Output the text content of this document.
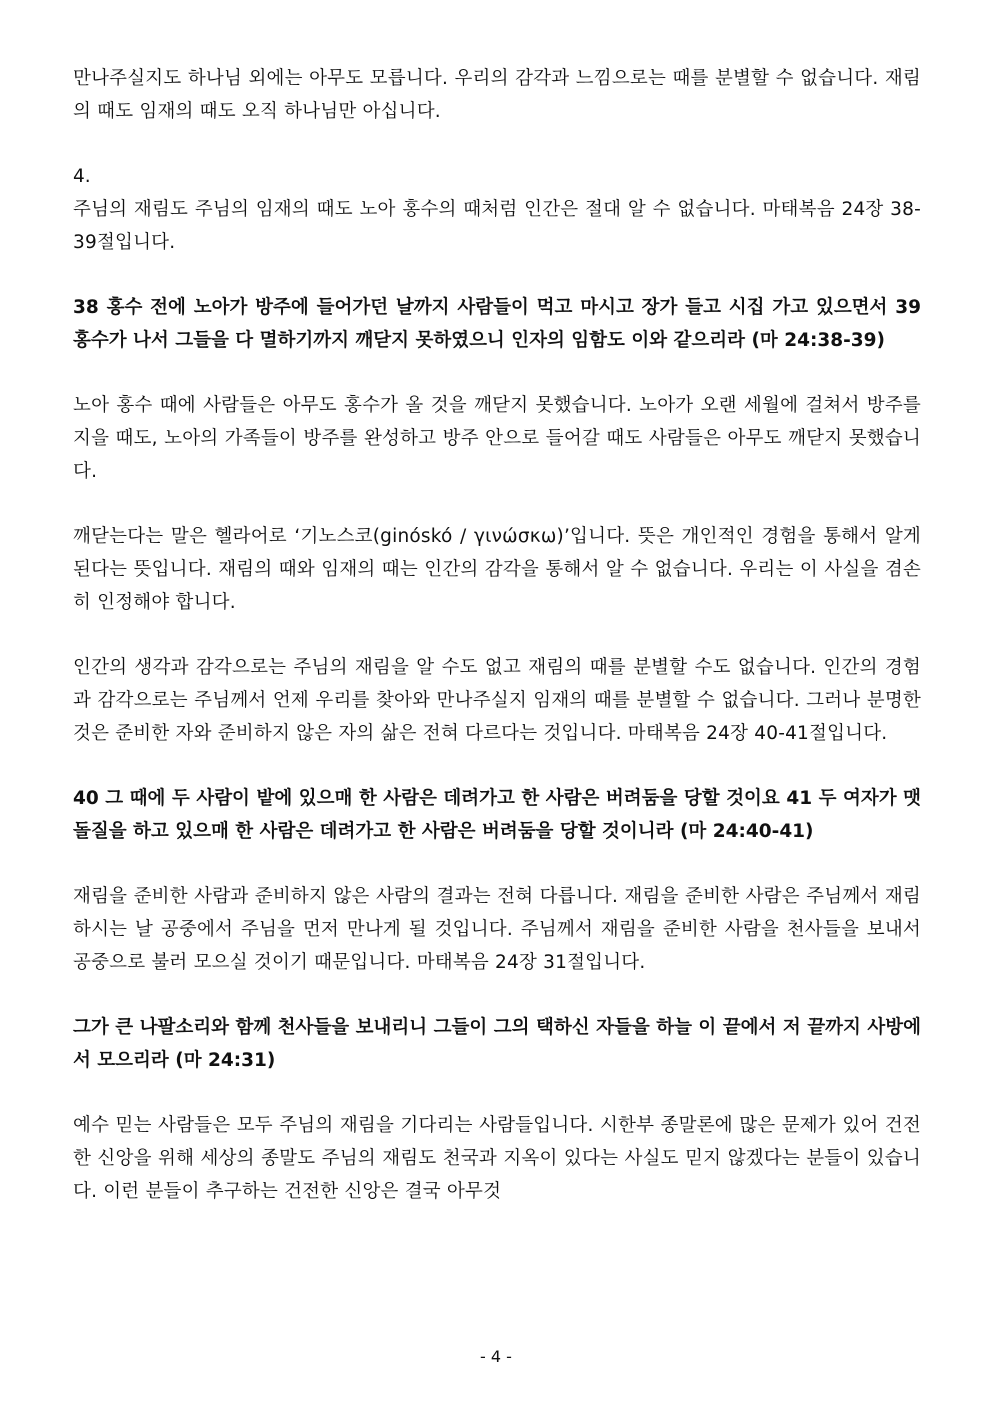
만나주실지도 하나님 외에는 아무도 모릅니다. 우리의 감각과 느낌으로는 때를 분별할 수 없습니다. 재림의 때도 임재의 때도 오직 하나님만 아십니다.

4.

주님의 재림도 주님의 임재의 때도 노아 홍수의 때처럼 인간은 절대 알 수 없습니다. 마태복음 24장 38-39절입니다.

38 홍수 전에 노아가 방주에 들어가던 날까지 사람들이 먹고 마시고 장가 들고 시집 가고 있으면서 39 홍수가 나서 그들을 다 멸하기까지 깨닫지 못하였으니 인자의 임함도 이와 같으리라 (마 24:38-39)

노아 홍수 때에 사람들은 아무도 홍수가 올 것을 깨닫지 못했습니다. 노아가 오랜 세월에 걸쳐서 방주를 지을 때도, 노아의 가족들이 방주를 완성하고 방주 안으로 들어갈 때도 사람들은 아무도 깨닫지 못했습니다.

깨닫는다는 말은 헬라어로 ‘기노스코(ginóskó / γινώσκω)’입니다. 뜻은 개인적인 경험을 통해서 알게 된다는 뜻입니다. 재림의 때와 임재의 때는 인간의 감각을 통해서 알 수 없습니다. 우리는 이 사실을 겸손히 인정해야 합니다.

인간의 생각과 감각으로는 주님의 재림을 알 수도 없고 재림의 때를 분별할 수도 없습니다. 인간의 경험과 감각으로는 주님께서 언제 우리를 찾아와 만나주실지 임재의 때를 분별할 수 없습니다. 그러나 분명한 것은 준비한 자와 준비하지 않은 자의 삶은 전혀 다르다는 것입니다. 마태복음 24장 40-41절입니다.

40 그 때에 두 사람이 밭에 있으매 한 사람은 데려가고 한 사람은 버려둠을 당할 것이요 41 두 여자가 맷돌질을 하고 있으매 한 사람은 데려가고 한 사람은 버려둠을 당할 것이니라 (마 24:40-41)

재림을 준비한 사람과 준비하지 않은 사람의 결과는 전혀 다릅니다. 재림을 준비한 사람은 주님께서 재림하시는 날 공중에서 주님을 먼저 만나게 될 것입니다. 주님께서 재림을 준비한 사람을 천사들을 보내서 공중으로 불러 모으실 것이기 때문입니다. 마태복음 24장 31절입니다.

그가 큰 나팔소리와 함께 천사들을 보내리니 그들이 그의 택하신 자들을 하늘 이 끝에서 저 끝까지 사방에서 모으리라 (마 24:31)

예수 믿는 사람들은 모두 주님의 재림을 기다리는 사람들입니다. 시한부 종말론에 많은 문제가 있어 건전한 신앙을 위해 세상의 종말도 주님의 재림도 천국과 지옥이 있다는 사실도 믿지 않겠다는 분들이 있습니다. 이런 분들이 추구하는 건전한 신앙은 결국 아무것

- 4 -
